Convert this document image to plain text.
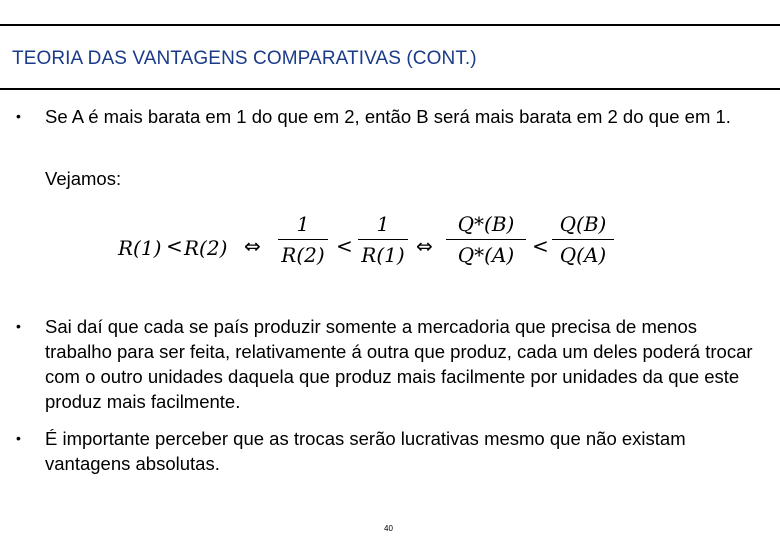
TEORIA DAS VANTAGENS COMPARATIVAS (CONT.)
• Se A é mais barata em 1 do que em 2, então B será mais barata em 2 do que em 1.
Vejamos:
R(1) < R(2) ⇔
1
R(2) <
1
R(1) ⇔
Q*(B)
Q*(A) <
Q(B)
Q(A)
• Sai daí que cada se país produzir somente a mercadoria que precisa de menos trabalho para ser feita, relativamente á outra que produz, cada um deles poderá trocar com o outro unidades daquela que produz mais facilmente por unidades da que este produz mais facilmente.
• É importante perceber que as trocas serão lucrativas mesmo que não existam vantagens absolutas.
40
